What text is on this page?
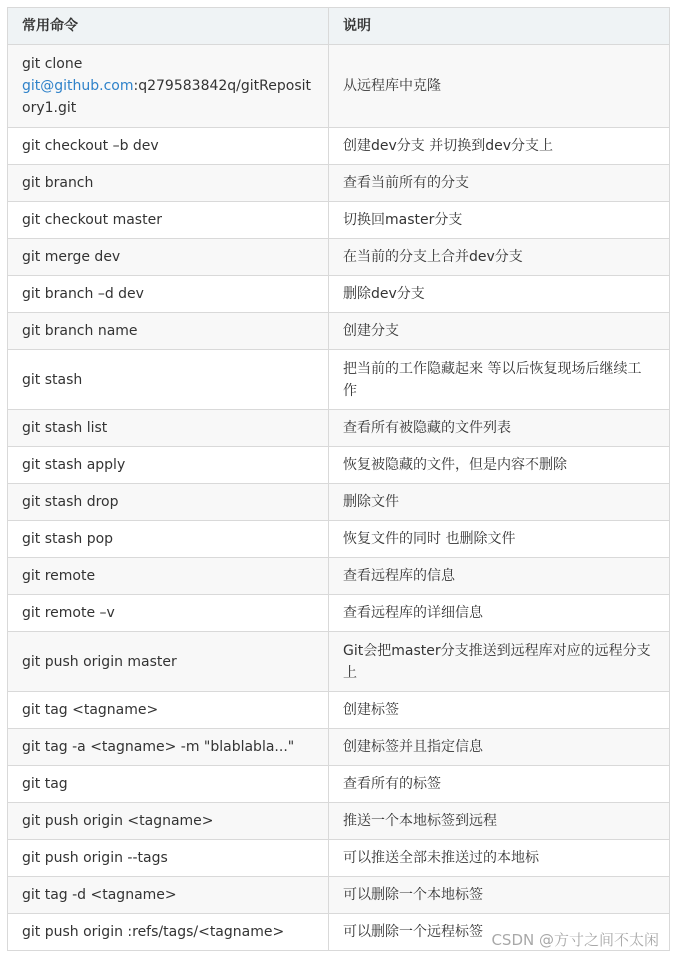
常用命令	说明
git clone
git@github.com:q279583842q/gitRepository1.git	从远程库中克隆
git checkout –b dev	创建dev分支 并切换到dev分支上
git branch	查看当前所有的分支
git checkout master	切换回master分支
git merge dev	在当前的分支上合并dev分支
git branch –d dev	删除dev分支
git branch name	创建分支
git stash	把当前的工作隐藏起来 等以后恢复现场后继续工作
git stash list	查看所有被隐藏的文件列表
git stash apply	恢复被隐藏的文件，但是内容不删除
git stash drop	删除文件
git stash pop	恢复文件的同时 也删除文件
git remote	查看远程库的信息
git remote –v	查看远程库的详细信息
git push origin master	Git会把master分支推送到远程库对应的远程分支上
git tag <tagname>	创建标签
git tag -a <tagname> -m "blablabla..."	创建标签并且指定信息
git tag	查看所有的标签
git push origin <tagname>	推送一个本地标签到远程
git push origin --tags	可以推送全部未推送过的本地标
git tag -d <tagname>	可以删除一个本地标签
git push origin :refs/tags/<tagname>	可以删除一个远程标签 CSDN @方寸之间不太闲
